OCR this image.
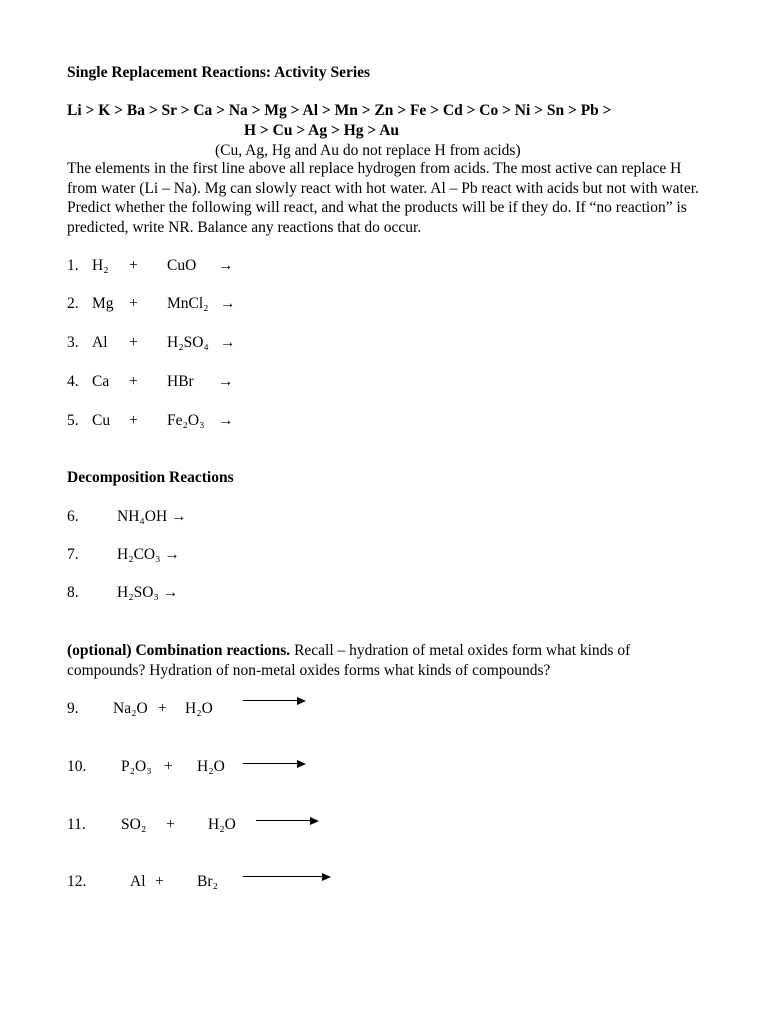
Single Replacement Reactions: Activity Series
Li > K > Ba > Sr > Ca > Na > Mg > Al > Mn > Zn > Fe > Cd > Co > Ni > Sn > Pb >
H > Cu > Ag > Hg > Au
(Cu, Ag, Hg and Au do not replace H from acids)
The elements in the first line above all replace hydrogen from acids. The most active can replace H from water (Li – Na). Mg can slowly react with hot water. Al – Pb react with acids but not with water. Predict whether the following will react, and what the products will be if they do. If “no reaction” is predicted, write NR. Balance any reactions that do occur.
1. H₂ + CuO →
2. Mg + MnCl₂ →
3. Al + H₂SO₄ →
4. Ca + HBr →
5. Cu + Fe₂O₃ →
Decomposition Reactions
6. NH₄OH →
7. H₂CO₃ →
8. H₂SO₃ →
(optional) Combination reactions. Recall – hydration of metal oxides form what kinds of compounds? Hydration of non-metal oxides forms what kinds of compounds?
9. Na₂O + H₂O
10. P₂O₃ + H₂O
11. SO₂ + H₂O
12.	Al + Br₂
